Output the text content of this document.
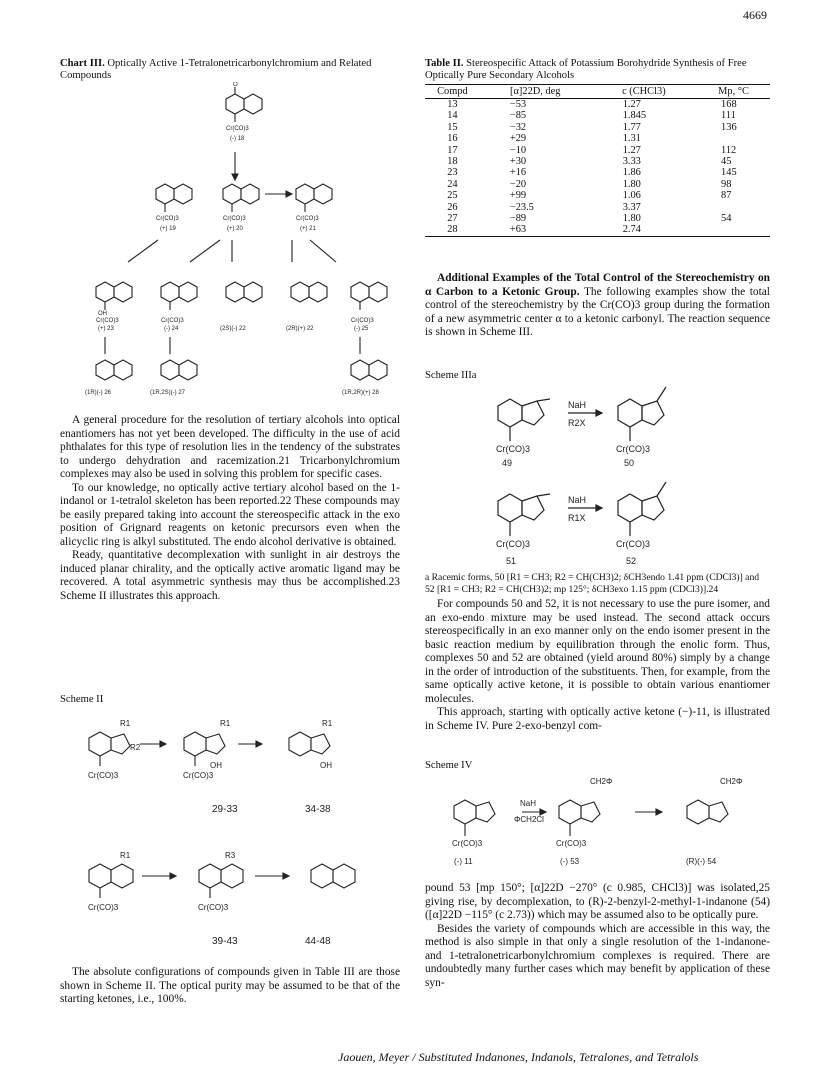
4669
Chart III. Optically Active 1-Tetralonetricarbonylchromium and Related Compounds
O
Cr(CO)3
(-) 18
Cr(CO)3
(+) 19
Cr(CO)3
(+) 20
Cr(CO)3
(+) 21
OH
Cr(CO)3
(+) 23
Cr(CO)3
(-) 24	(2S)(-) 22	(2R)(+) 22
Cr(CO)3
(-) 25
(1R)(-) 26	(1R,2S)(-) 27	(1R,2R)(+) 28

A general procedure for the resolution of tertiary alcohols into optical enantiomers has not yet been developed. The difficulty in the use of acid phthalates for this type of resolution lies in the tendency of the substrates to undergo dehydration and racemization.21 Tricarbonylchromium complexes may also be used in solving this problem for specific cases.

To our knowledge, no optically active tertiary alcohol based on the 1-indanol or 1-tetralol skeleton has been reported.22 These compounds may be easily prepared taking into account the stereospecific attack in the exo position of Grignard reagents on ketonic precursors even when the alicyclic ring is alkyl substituted. The endo alcohol derivative is obtained.

Ready, quantitative decomplexation with sunlight in air destroys the induced planar chirality, and the optically active aromatic ligand may be recovered. A total asymmetric synthesis may thus be accomplished.23 Scheme II illustrates this approach.

Scheme II
R1
R2
Cr(CO)3
R1
OH
Cr(CO)3
OH
R1
R1
Cr(CO)3
R3
Cr(CO)3
29-33	34-38
39-43	44-48

The absolute configurations of compounds given in Table III are those shown in Scheme II. The optical purity may be assumed to be that of the starting ketones, i.e., 100%.

Table II. Stereospecific Attack of Potassium Borohydride Synthesis of Free Optically Pure Secondary Alcohols
Compd	[α]22D, deg	c (CHCl3)	Mp, °C
13	−53	1.27	168
14	−85	1.845	111
15	−32	1.77	136
16	+29	1.31	
17	−10	1.27	112
18	+30	3.33	45
23	+16	1.86	145
24	−20	1.80	98
25	+99	1.06	87
26	−23.5	3.37	
27	−89	1.80	54
28	+63	2.74	

Additional Examples of the Total Control of the Stereochemistry on α Carbon to a Ketonic Group. The following examples show the total control of the stereochemistry by the Cr(CO)3 group during the formation of a new asymmetric center α to a ketonic carbonyl. The reaction sequence is shown in Scheme III.

Scheme IIIa
NaH
R2X
Cr(CO)3	Cr(CO)3
49	50
NaH
R1X
Cr(CO)3	Cr(CO)3
51	52
a Racemic forms, 50 [R1 = CH3; R2 = CH(CH3)2; δCH3endo 1.41 ppm (CDCl3)] and 52 [R1 = CH3; R2 = CH(CH3)2; mp 125°; δCH3exo 1.15 ppm (CDCl3)].24

For compounds 50 and 52, it is not necessary to use the pure isomer, and an exo-endo mixture may be used instead. The second attack occurs stereospecifically in an exo manner only on the endo isomer present in the basic reaction medium by equilibration through the enolic form. Thus, complexes 50 and 52 are obtained (yield around 80%) simply by a change in the order of introduction of the substituents. Then, for example, from the same optically active ketone, it is possible to obtain various enantiomer molecules.

This approach, starting with optically active ketone (−)-11, is illustrated in Scheme IV. Pure 2-exo-benzyl com-

Scheme IV
NaH
ΦCH2Cl
CH2Φ	CH2Φ
Cr(CO)3	Cr(CO)3
(-) 11	(-) 53	(R)(-) 54

pound 53 [mp 150°; [α]22D −270° (c 0.985, CHCl3)] was isolated,25 giving rise, by decomplexation, to (R)-2-benzyl-2-methyl-1-indanone (54) ([α]22D −115° (c 2.73)) which may be assumed also to be optically pure.

Besides the variety of compounds which are accessible in this way, the method is also simple in that only a single resolution of the 1-indanone- and 1-tetralonetricarbonylchromium complexes is required. There are undoubtedly many further cases which may benefit by application of these syn-

Jaouen, Meyer / Substituted Indanones, Indanols, Tetralones, and Tetralols
